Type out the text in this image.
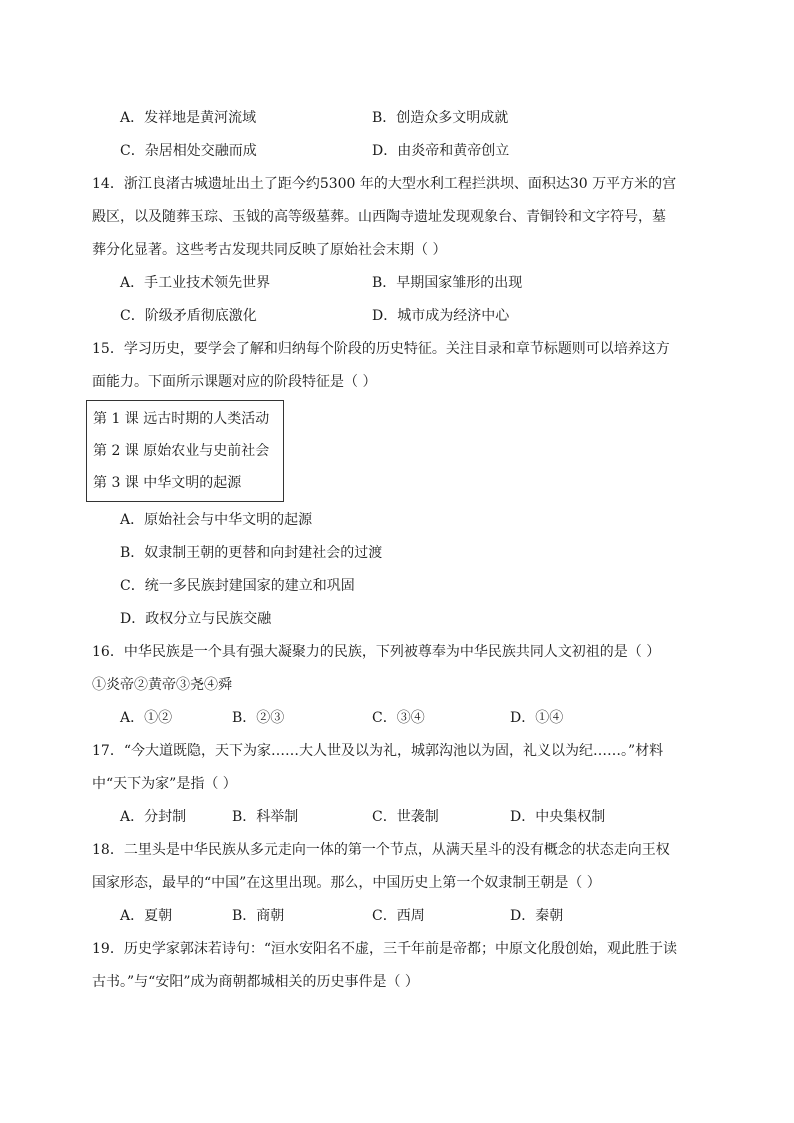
A．发祥地是黄河流域	B．创造众多文明成就
C．杂居相处交融而成	D．由炎帝和黄帝创立
14．浙江良渚古城遗址出土了距今约5300 年的大型水利工程拦洪坝、面积达30 万平方米的宫
殿区，以及随葬玉琮、玉钺的高等级墓葬。山西陶寺遗址发现观象台、青铜铃和文字符号，墓
葬分化显著。这些考古发现共同反映了原始社会末期（ ）
A．手工业技术领先世界	B．早期国家雏形的出现
C．阶级矛盾彻底激化	D．城市成为经济中心
15．学习历史，要学会了解和归纳每个阶段的历史特征。关注目录和章节标题则可以培养这方
面能力。下面所示课题对应的阶段特征是（ ）
第 1 课 远古时期的人类活动
第 2 课 原始农业与史前社会
第 3 课 中华文明的起源
A．原始社会与中华文明的起源
B．奴隶制王朝的更替和向封建社会的过渡
C．统一多民族封建国家的建立和巩固
D．政权分立与民族交融
16．中华民族是一个具有强大凝聚力的民族，下列被尊奉为中华民族共同人文初祖的是（ ）
①炎帝②黄帝③尧④舜
A．①②	B．②③	C．③④	D．①④
17．“今大道既隐，天下为家……大人世及以为礼，城郭沟池以为固，礼义以为纪……。”材料
中“天下为家”是指（ ）
A．分封制	B．科举制	C．世袭制	D．中央集权制
18．二里头是中华民族从多元走向一体的第一个节点，从满天星斗的没有概念的状态走向王权
国家形态，最早的“中国”在这里出现。那么，中国历史上第一个奴隶制王朝是（ ）
A．夏朝	B．商朝	C．西周	D．秦朝
19．历史学家郭沫若诗句：“洹水安阳名不虚，三千年前是帝都；中原文化殷创始，观此胜于读
古书。”与“安阳”成为商朝都城相关的历史事件是（ ）
